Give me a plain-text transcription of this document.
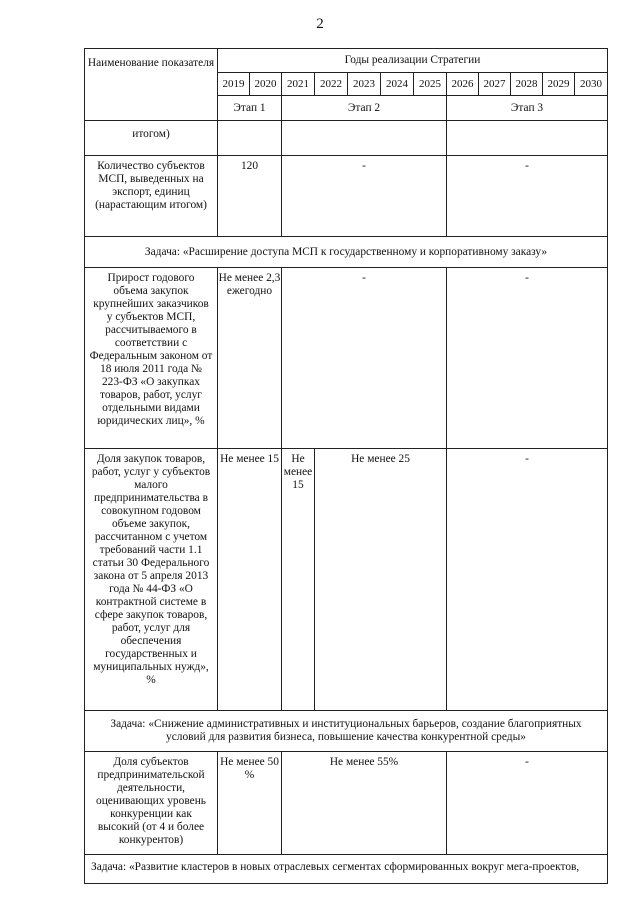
2
Наименование показателя	Годы реализации Стратегии											
	2019	2020	2021	2022	2023	2024	2025	2026	2027	2028	2029	2030
	Этап 1		Этап 2					Этап 3				
итогом)												
Количество субъектов МСП, выведенных на экспорт, единиц (нарастающим итогом)	120		-					-				
Задача: «Расширение доступа МСП к государственному и корпоративному заказу»												
Прирост годового объема закупок крупнейших заказчиков у субъектов МСП, рассчитываемого в соответствии с Федеральным законом от 18 июля 2011 года № 223-ФЗ «О закупках товаров, работ, услуг отдельными видами юридических лиц», %	Не менее 2,3 ежегодно		-					-				
Доля закупок товаров, работ, услуг у субъектов малого предпринимательства в совокупном годовом объеме закупок, рассчитанном с учетом требований части 1.1 статьи 30 Федерального закона от 5 апреля 2013 года № 44-ФЗ «О контрактной системе в сфере закупок товаров, работ, услуг для обеспечения государственных и муниципальных нужд», %	Не менее 15		Не менее 15	Не менее 25				-				
Задача: «Снижение административных и институциональных барьеров, создание благоприятных условий для развития бизнеса, повышение качества конкурентной среды»												
Доля субъектов предпринимательской деятельности, оценивающих уровень конкуренции как высокий (от 4 и более конкурентов)	Не менее 50 %		Не менее 55%					-				
Задача: «Развитие кластеров в новых отраслевых сегментах сформированных вокруг мега-проектов,												
